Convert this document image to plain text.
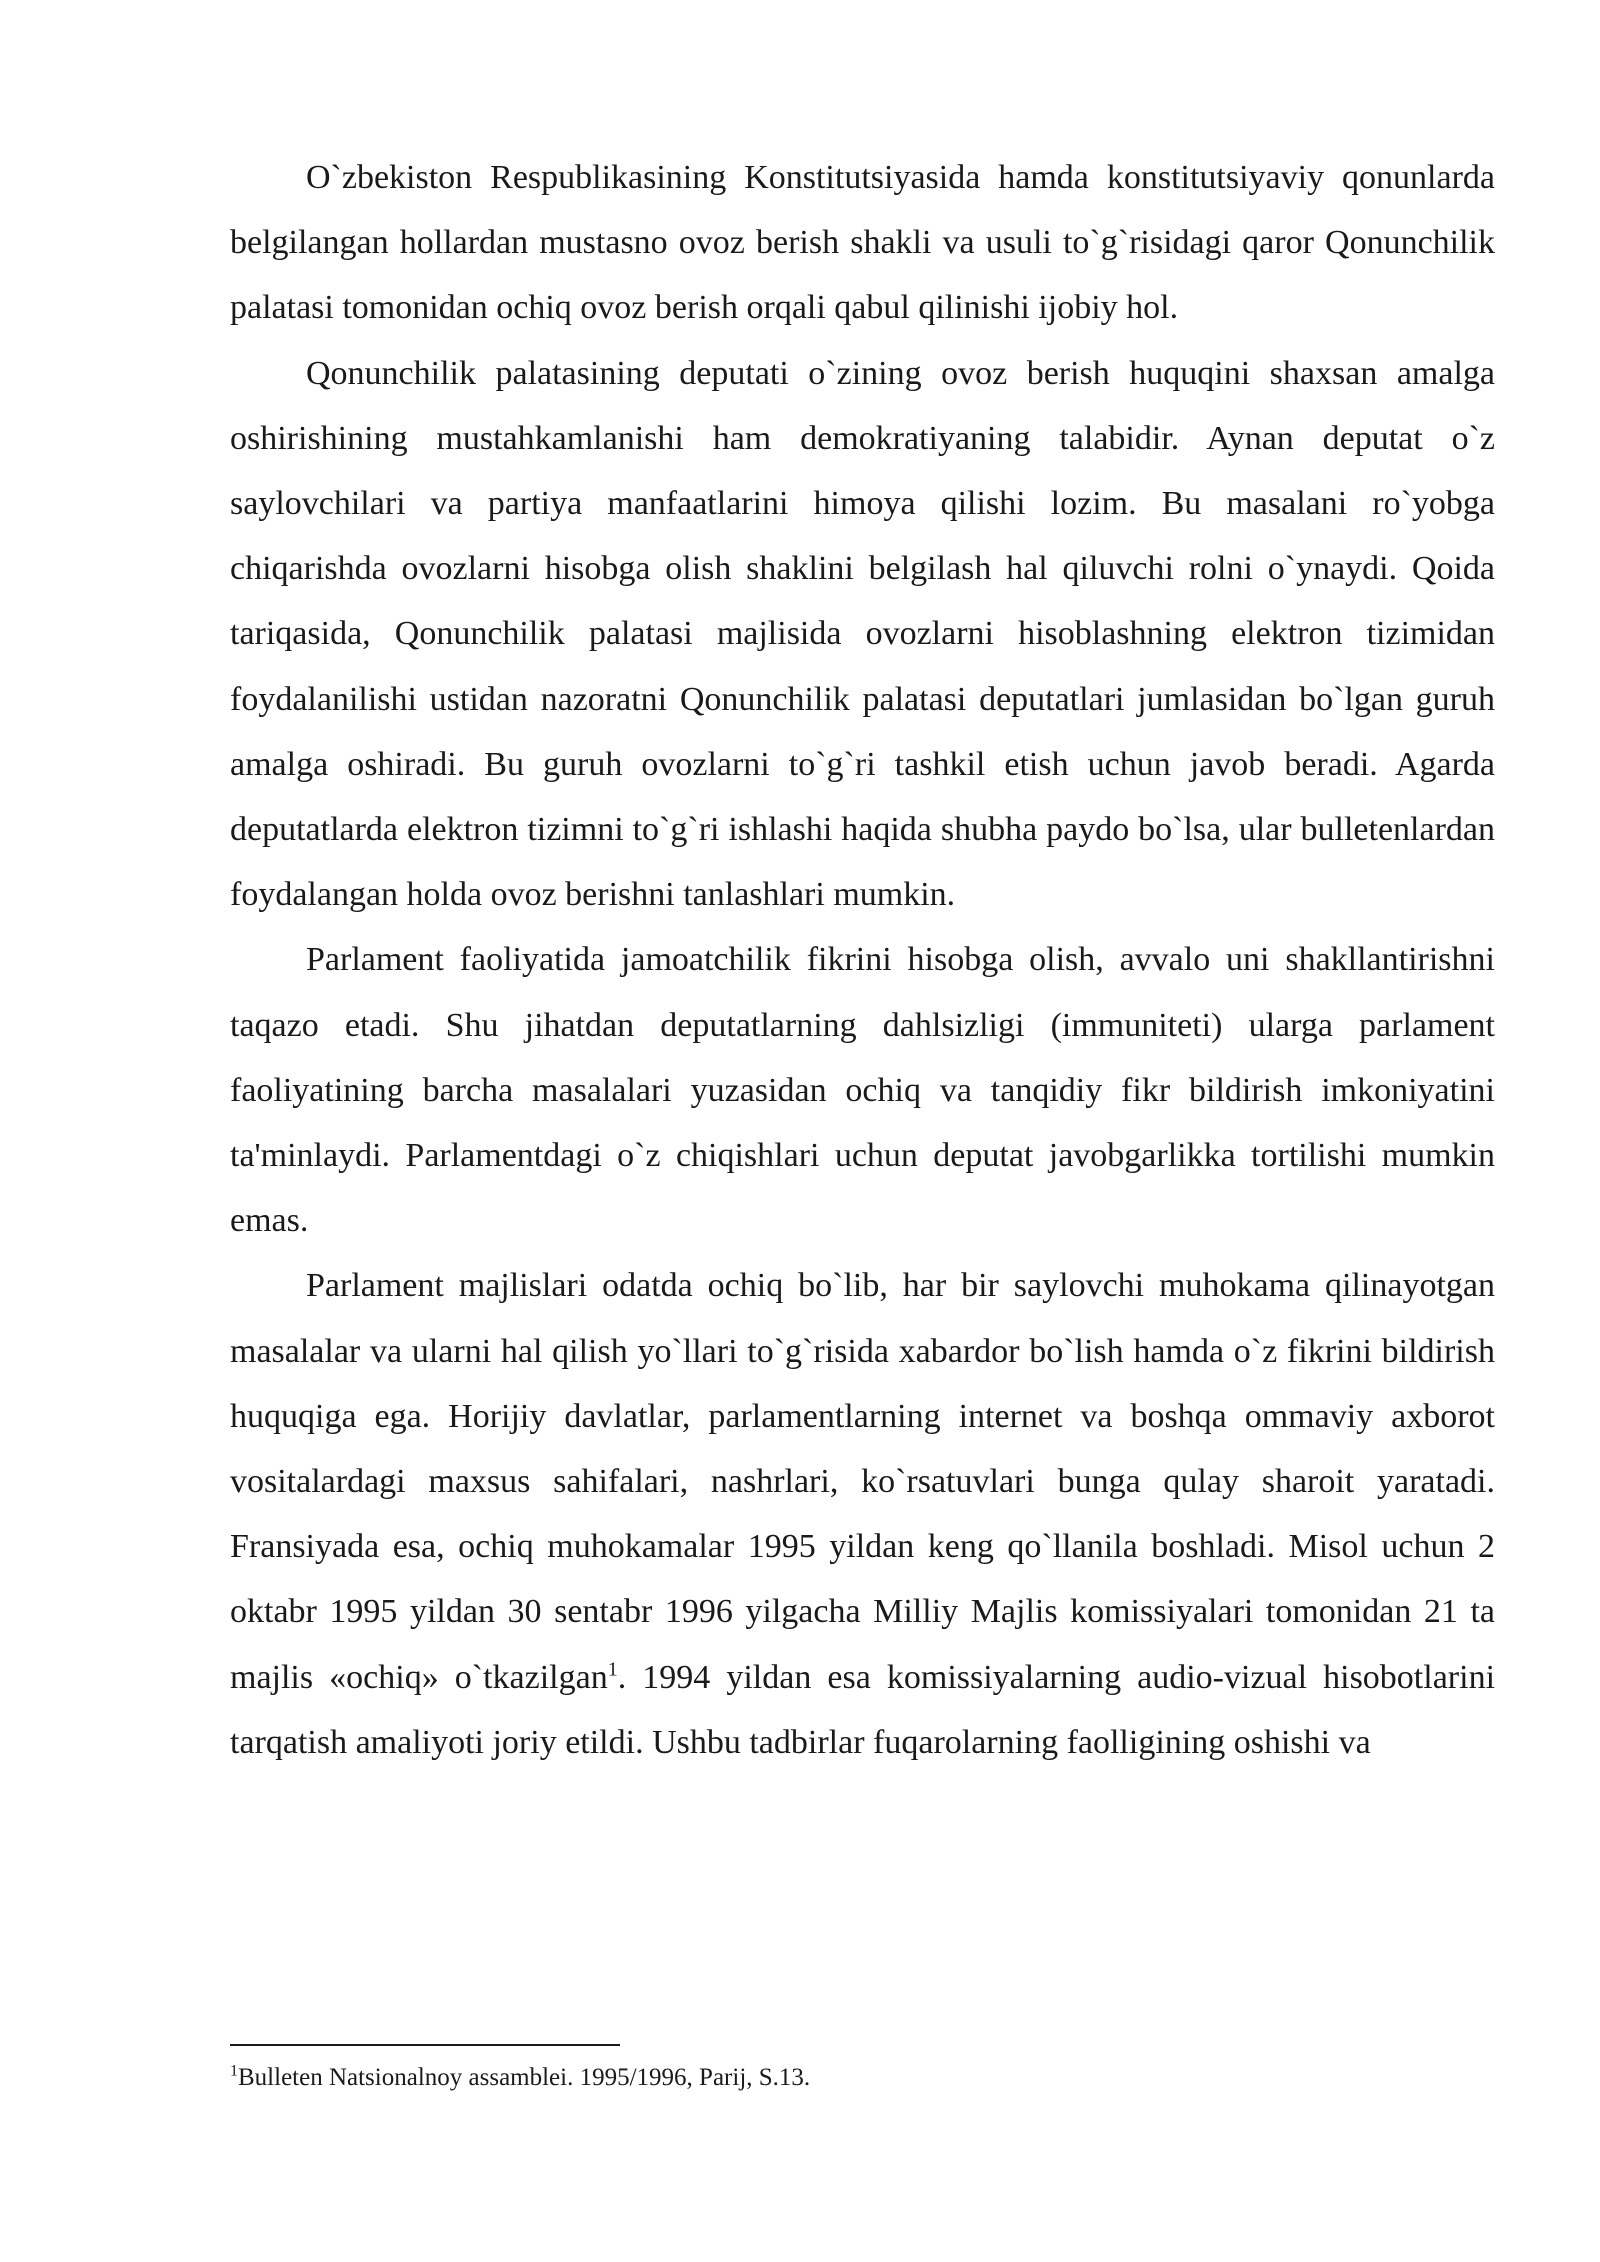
O`zbekiston Respublikasining Konstitutsiyasida hamda konstitutsiyaviy qonunlarda belgilangan hollardan mustasno ovoz berish shakli va usuli to`g`risidagi qaror Qonunchilik palatasi tomonidan ochiq ovoz berish orqali qabul qilinishi ijobiy hol.

Qonunchilik palatasining deputati o`zining ovoz berish huquqini shaxsan amalga oshirishining mustahkamlanishi ham demokratiyaning talabidir. Aynan deputat o`z saylovchilari va partiya manfaatlarini himoya qilishi lozim. Bu masalani ro`yobga chiqarishda ovozlarni hisobga olish shaklini belgilash hal qiluvchi rolni o`ynaydi. Qoida tariqasida, Qonunchilik palatasi majlisida ovozlarni hisoblashning elektron tizimidan foydalanilishi ustidan nazoratni Qonunchilik palatasi deputatlari jumlasidan bo`lgan guruh amalga oshiradi. Bu guruh ovozlarni to`g`ri tashkil etish uchun javob beradi. Agarda deputatlarda elektron tizimni to`g`ri ishlashi haqida shubha paydo bo`lsa, ular bulletenlardan foydalangan holda ovoz berishni tanlashlari mumkin.

Parlament faoliyatida jamoatchilik fikrini hisobga olish, avvalo uni shakllantirishni taqazo etadi. Shu jihatdan deputatlarning dahlsizligi (immuniteti) ularga parlament faoliyatining barcha masalalari yuzasidan ochiq va tanqidiy fikr bildirish imkoniyatini ta'minlaydi. Parlamentdagi o`z chiqishlari uchun deputat javobgarlikka tortilishi mumkin emas.

Parlament majlislari odatda ochiq bo`lib, har bir saylovchi muhokama qilinayotgan masalalar va ularni hal qilish yo`llari to`g`risida xabardor bo`lish hamda o`z fikrini bildirish huquqiga ega. Horijiy davlatlar, parlamentlarning internet va boshqa ommaviy axborot vositalardagi maxsus sahifalari, nashrlari, ko`rsatuvlari bunga qulay sharoit yaratadi. Fransiyada esa, ochiq muhokamalar 1995 yildan keng qo`llanila boshladi. Misol uchun 2 oktabr 1995 yildan 30 sentabr 1996 yilgacha Milliy Majlis komissiyalari tomonidan 21 ta majlis «ochiq» o`tkazilgan$^1$. 1994 yildan esa komissiyalarning audio-vizual hisobotlarini tarqatish amaliyoti joriy etildi. Ushbu tadbirlar fuqarolarning faolligining oshishi va

$^1$Bulleten Natsionalnoy assamblei. 1995/1996, Parij, S.13.
